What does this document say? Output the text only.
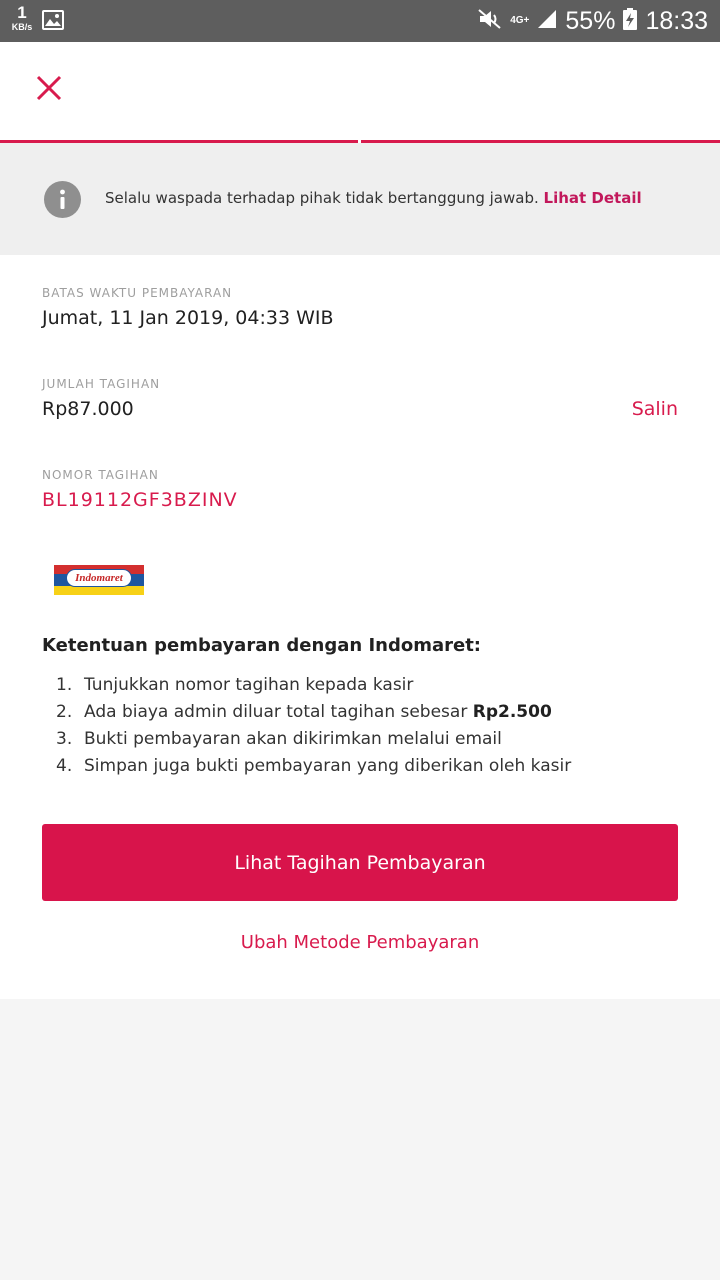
1
KB/s
4G+ 55% 18:33
Selalu waspada terhadap pihak tidak bertanggung jawab. Lihat Detail
BATAS WAKTU PEMBAYARAN
Jumat, 11 Jan 2019, 04:33 WIB
JUMLAH TAGIHAN
Rp87.000	Salin
NOMOR TAGIHAN
BL19112GF3BZINV
Indomaret
Ketentuan pembayaran dengan Indomaret:
1. Tunjukkan nomor tagihan kepada kasir
2. Ada biaya admin diluar total tagihan sebesar Rp2.500
3. Bukti pembayaran akan dikirimkan melalui email
4. Simpan juga bukti pembayaran yang diberikan oleh kasir
Lihat Tagihan Pembayaran
Ubah Metode Pembayaran
